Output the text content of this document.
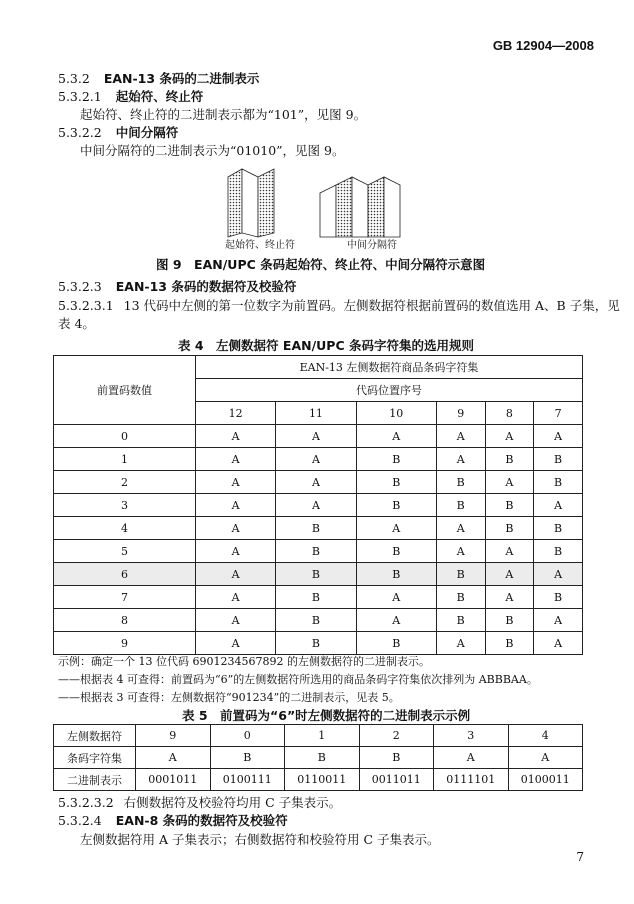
GB 12904—2008
5.3.2 EAN-13 条码的二进制表示
5.3.2.1 起始符、终止符
起始符、终止符的二进制表示都为“101”，见图 9。
5.3.2.2 中间分隔符
中间分隔符的二进制表示为“01010”，见图 9。
起始符、终止符	中间分隔符
图 9　EAN/UPC 条码起始符、终止符、中间分隔符示意图
5.3.2.3 EAN-13 条码的数据符及校验符
5.3.2.3.1 13 代码中左侧的第一位数字为前置码。左侧数据符根据前置码的数值选用 A、B 子集，见
表 4。
表 4　左侧数据符 EAN/UPC 条码字符集的选用规则
前置码数值	EAN-13 左侧数据符商品条码字符集					
	代码位置序号					
	12	11	10	9	8	7
0	A	A	A	A	A	A
1	A	A	B	A	B	B
2	A	A	B	B	A	B
3	A	A	B	B	B	A
4	A	B	A	A	B	B
5	A	B	B	A	A	B
6	A	B	B	B	A	A
7	A	B	A	B	A	B
8	A	B	A	B	B	A
9	A	B	B	A	B	A
示例：确定一个 13 位代码 6901234567892 的左侧数据符的二进制表示。
——根据表 4 可查得：前置码为“6”的左侧数据符所选用的商品条码字符集依次排列为 ABBBAA。
——根据表 3 可查得：左侧数据符“901234”的二进制表示，见表 5。
表 5　前置码为“6”时左侧数据符的二进制表示示例
左侧数据符	9	0	1	2	3	4
条码字符集	A	B	B	B	A	A
二进制表示	0001011	0100111	0110011	0011011	0111101	0100011
5.3.2.3.2 右侧数据符及校验符均用 C 子集表示。
5.3.2.4 EAN-8 条码的数据符及校验符
左侧数据符用 A 子集表示；右侧数据符和校验符用 C 子集表示。
7
